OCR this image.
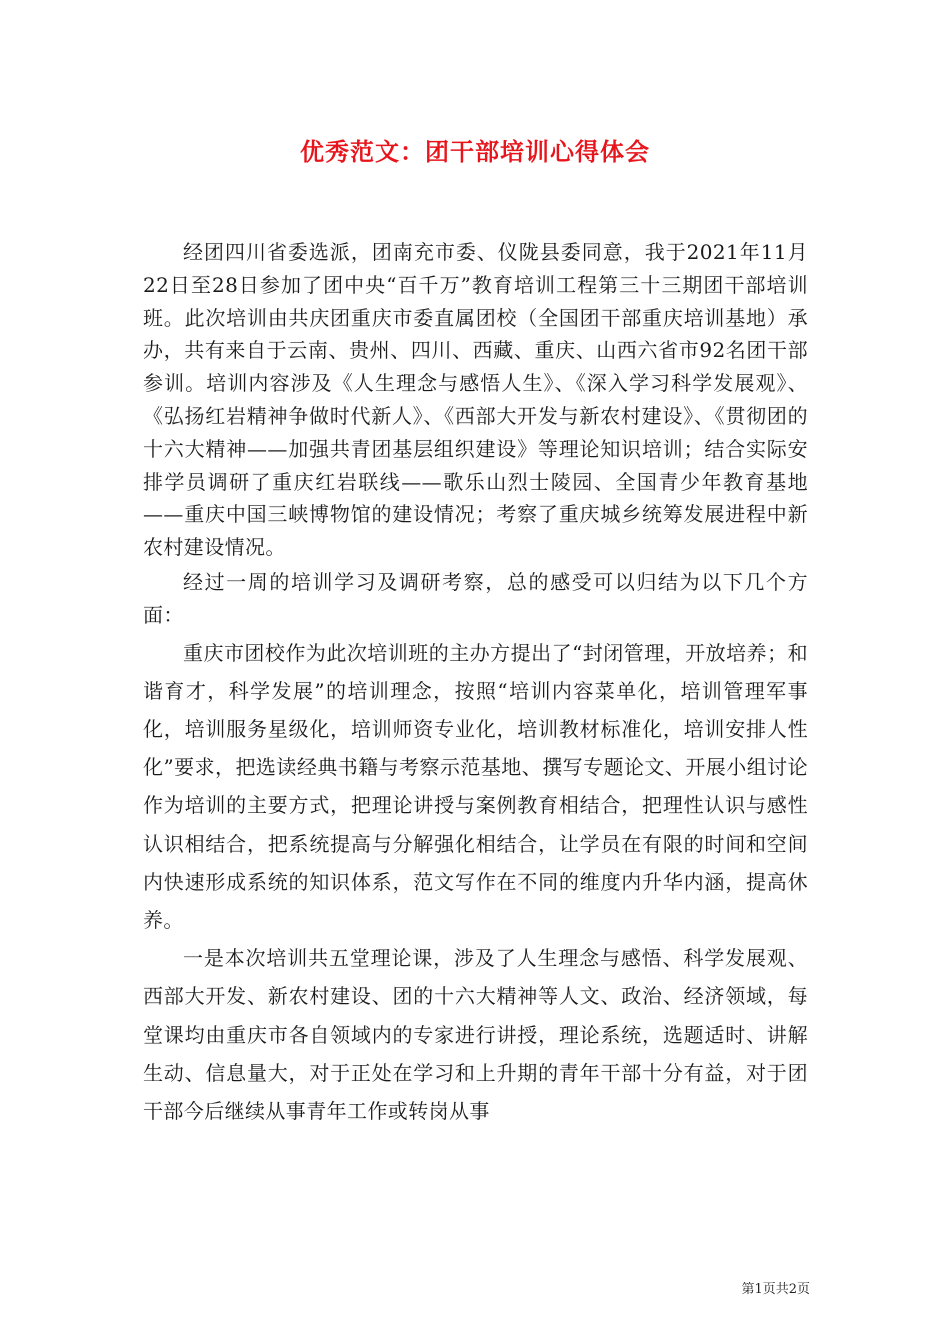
优秀范文：团干部培训心得体会

经团四川省委选派，团南充市委、仪陇县委同意，我于2021年11月22日至28日参加了团中央“百千万”教育培训工程第三十三期团干部培训班。此次培训由共庆团重庆市委直属团校（全国团干部重庆培训基地）承办，共有来自于云南、贵州、四川、西藏、重庆、山西六省市92名团干部参训。培训内容涉及《人生理念与感悟人生》、《深入学习科学发展观》、《弘扬红岩精神争做时代新人》、《西部大开发与新农村建设》、《贯彻团的十六大精神——加强共青团基层组织建设》等理论知识培训；结合实际安排学员调研了重庆红岩联线——歌乐山烈士陵园、全国青少年教育基地——重庆中国三峡博物馆的建设情况；考察了重庆城乡统筹发展进程中新农村建设情况。

经过一周的培训学习及调研考察，总的感受可以归结为以下几个方面：

重庆市团校作为此次培训班的主办方提出了“封闭管理，开放培养；和谐育才，科学发展”的培训理念，按照“培训内容菜单化，培训管理军事化，培训服务星级化，培训师资专业化，培训教材标准化，培训安排人性化”要求，把选读经典书籍与考察示范基地、撰写专题论文、开展小组讨论作为培训的主要方式，把理论讲授与案例教育相结合，把理性认识与感性认识相结合，把系统提高与分解强化相结合，让学员在有限的时间和空间内快速形成系统的知识体系，范文写作在不同的维度内升华内涵，提高休养。

一是本次培训共五堂理论课，涉及了人生理念与感悟、科学发展观、西部大开发、新农村建设、团的十六大精神等人文、政治、经济领域，每堂课均由重庆市各自领域内的专家进行讲授，理论系统，选题适时、讲解生动、信息量大，对于正处在学习和上升期的青年干部十分有益，对于团干部今后继续从事青年工作或转岗从事

第1页共2页
